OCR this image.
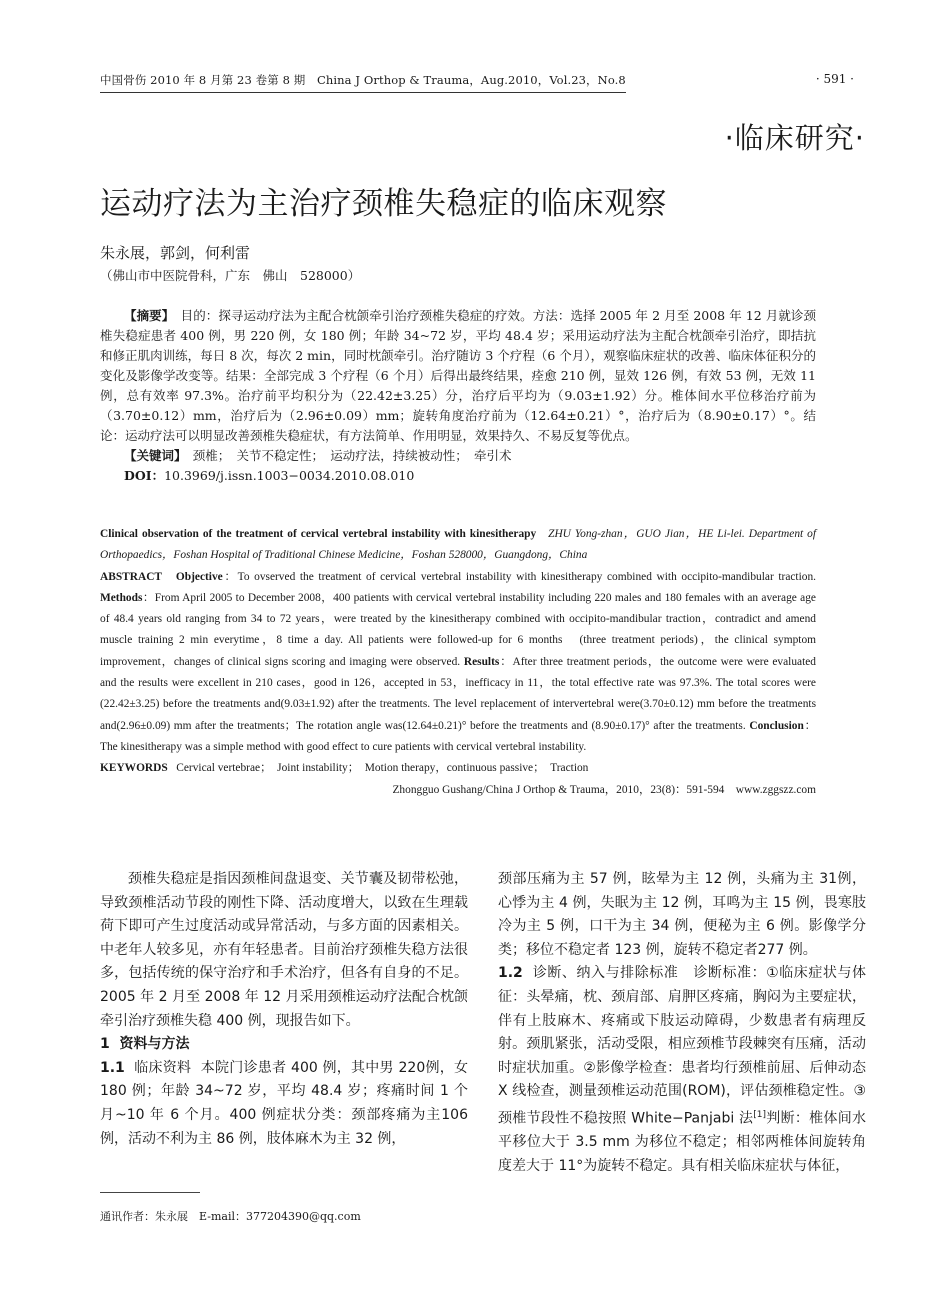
中国骨伤 2010 年 8 月第 23 卷第 8 期　China J Orthop & Trauma，Aug.2010，Vol.23，No.8	· 591 ·
·临床研究·
运动疗法为主治疗颈椎失稳症的临床观察
朱永展，郭剑，何利雷
（佛山市中医院骨科，广东　佛山　528000）

【摘要】　目的：探寻运动疗法为主配合枕颌牵引治疗颈椎失稳症的疗效。方法：选择 2005 年 2 月至 2008 年 12 月就诊颈椎失稳症患者 400 例，男 220 例，女 180 例；年龄 34~72 岁，平均 48.4 岁；采用运动疗法为主配合枕颌牵引治疗，即拮抗和修正肌肉训练，每日 8 次，每次 2 min，同时枕颌牵引。治疗随访 3 个疗程（6 个月），观察临床症状的改善、临床体征积分的变化及影像学改变等。结果：全部完成 3 个疗程（6 个月）后得出最终结果，痊愈 210 例，显效 126 例，有效 53 例，无效 11 例，总有效率 97.3%。治疗前平均积分为（22.42±3.25）分，治疗后平均为（9.03±1.92）分。椎体间水平位移治疗前为（3.70±0.12）mm，治疗后为（2.96±0.09）mm；旋转角度治疗前为（12.64±0.21）°，治疗后为（8.90±0.17）°。结论：运动疗法可以明显改善颈椎失稳症状，有方法简单、作用明显，效果持久、不易反复等优点。

【关键词】　颈椎；　关节不稳定性；　运动疗法，持续被动性；　牵引术

DOI：10.3969/j.issn.1003−0034.2010.08.010

Clinical observation of the treatment of cervical vertebral instability with kinesitherapy ZHU Yong-zhan，GUO Jian，HE Li-lei. Department of Orthopaedics，Foshan Hospital of Traditional Chinese Medicine，Foshan 528000，Guangdong，China

ABSTRACT Objective：To ovserved the treatment of cervical vertebral instability with kinesitherapy combined with occipito-mandibular traction. Methods：From April 2005 to December 2008，400 patients with cervical vertebral instability including 220 males and 180 females with an average age of 48.4 years old ranging from 34 to 72 years，were treated by the kinesitherapy combined with occipito-mandibular traction，contradict and amend muscle training 2 min everytime，8 time a day. All patients were followed-up for 6 months　(three treatment periods)，the clinical symptom improvement，changes of clinical signs scoring and imaging were observed. Results：After three treatment periods，the outcome were were evaluated and the results were excellent in 210 cases，good in 126，accepted in 53，inefficacy in 11，the total effective rate was 97.3%. The total scores were　(22.42±3.25) before the treatments and(9.03±1.92) after the treatments. The level replacement of intervertebral were(3.70±0.12) mm before the treatments and(2.96±0.09) mm after the treatments；The rotation angle was(12.64±0.21)° before the treatments and (8.90±0.17)° after the treatments. Conclusion：The kinesitherapy was a simple method with good effect to cure patients with cervical vertebral instability.

KEYWORDS Cervical vertebrae；　Joint instability；　Motion therapy，continuous passive；　Traction

Zhongguo Gushang/China J Orthop & Trauma，2010，23(8)：591-594　www.zggszz.com

颈椎失稳症是指因颈椎间盘退变、关节囊及韧带松弛，导致颈椎活动节段的刚性下降、活动度增大，以致在生理载荷下即可产生过度活动或异常活动，与多方面的因素相关。中老年人较多见，亦有年轻患者。目前治疗颈椎失稳方法很多，包括传统的保守治疗和手术治疗，但各有自身的不足。2005 年 2 月至 2008 年 12 月采用颈椎运动疗法配合枕颌牵引治疗颈椎失稳 400 例，现报告如下。

1 资料与方法

1.1 临床资料 本院门诊患者 400 例，其中男 220例，女 180 例；年龄 34~72 岁，平均 48.4 岁；疼痛时间 1 个月~10 年 6 个月。400 例症状分类：颈部疼痛为主106 例，活动不利为主 86 例，肢体麻木为主 32 例，

颈部压痛为主 57 例，眩晕为主 12 例，头痛为主 31例，心悸为主 4 例，失眠为主 12 例，耳鸣为主 15 例，畏寒肢冷为主 5 例，口干为主 34 例，便秘为主 6 例。影像学分类；移位不稳定者 123 例，旋转不稳定者277 例。

1.2 诊断、纳入与排除标准 诊断标准：①临床症状与体征：头晕痛，枕、颈肩部、肩胛区疼痛，胸闷为主要症状，伴有上肢麻木、疼痛或下肢运动障碍，少数患者有病理反射。颈肌紧张，活动受限，相应颈椎节段棘突有压痛，活动时症状加重。②影像学检查：患者均行颈椎前屈、后伸动态 X 线检查，测量颈椎运动范围(ROM)，评估颈椎稳定性。③颈椎节段性不稳按照 White−Panjabi 法[1]判断：椎体间水平移位大于 3.5 mm 为移位不稳定；相邻两椎体间旋转角度差大于 11°为旋转不稳定。具有相关临床症状与体征，

通讯作者：朱永展　E-mail：377204390@qq.com
